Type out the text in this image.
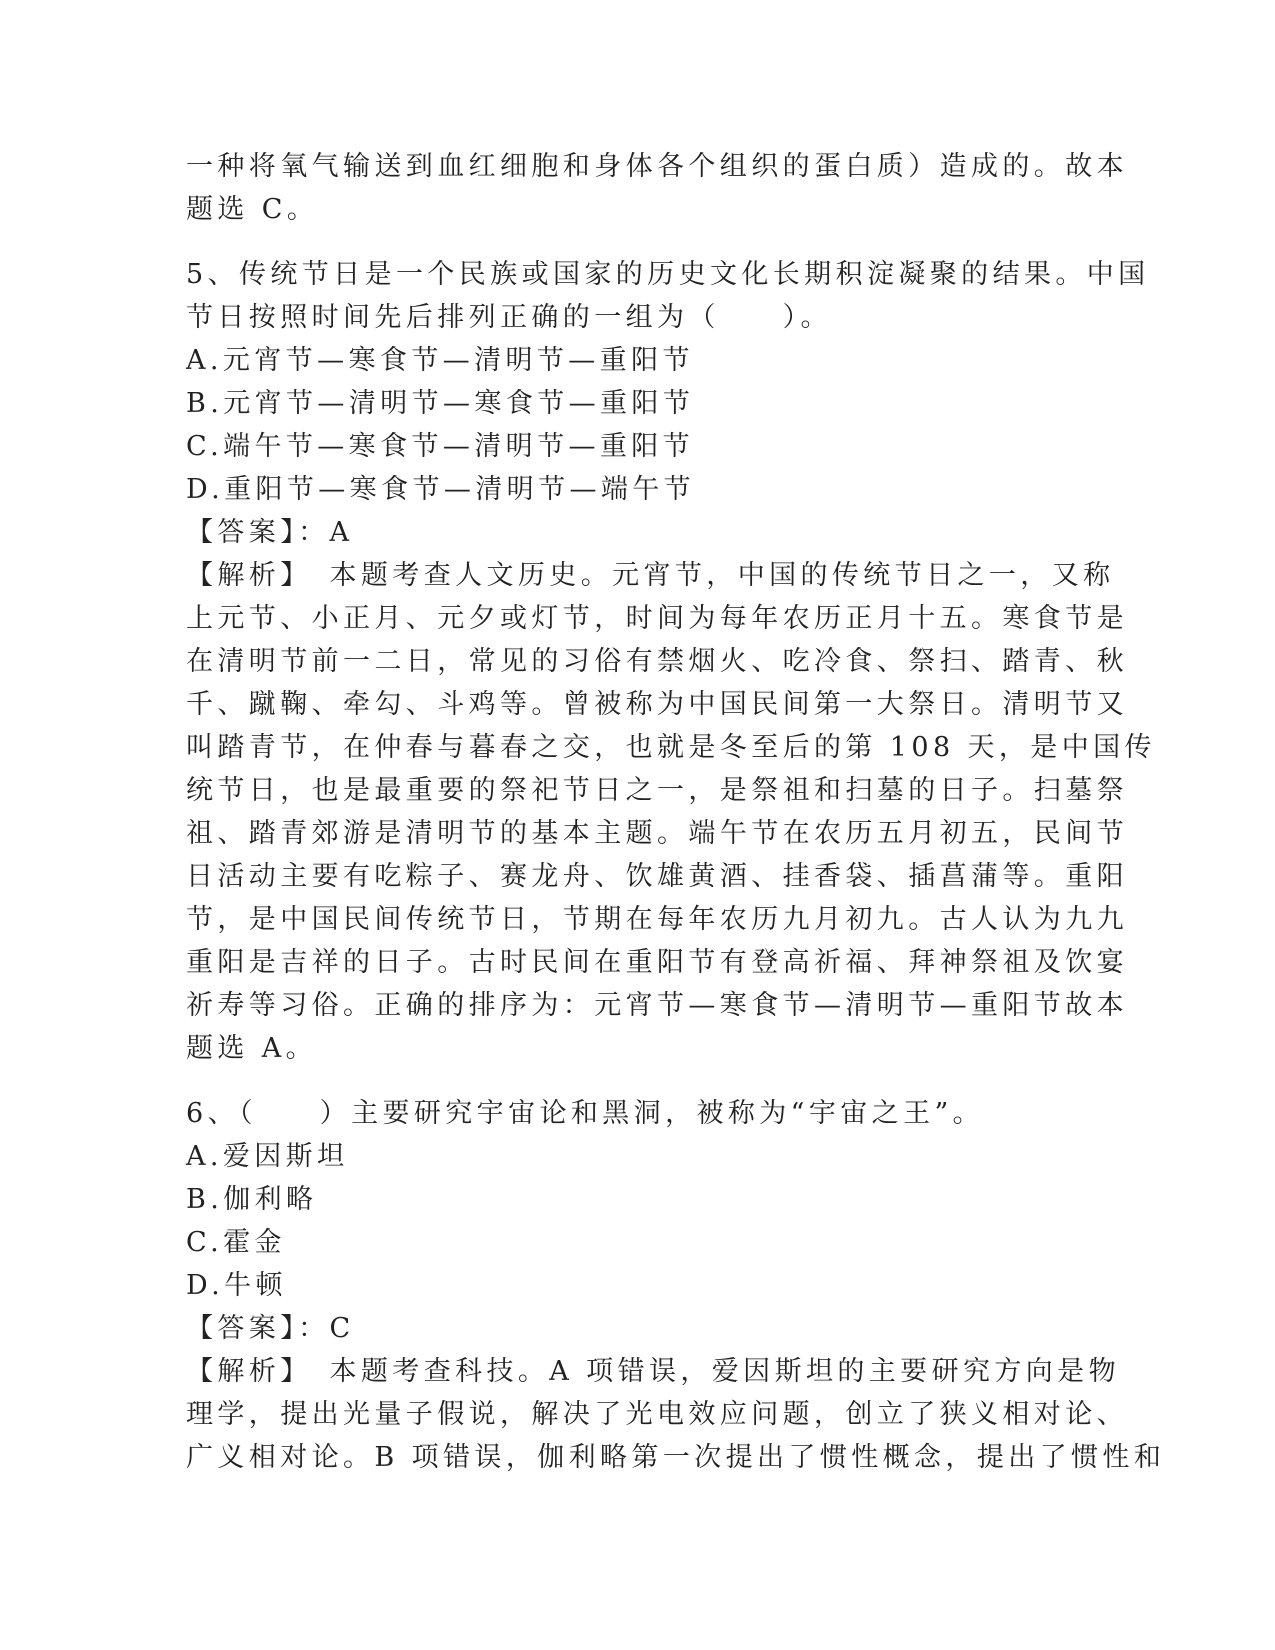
一种将氧气输送到血红细胞和身体各个组织的蛋白质）造成的。故本

题选 C。

5、传统节日是一个民族或国家的历史文化长期积淀凝聚的结果。中国

节日按照时间先后排列正确的一组为（　　）。

A.元宵节—寒食节—清明节—重阳节

B.元宵节—清明节—寒食节—重阳节

C.端午节—寒食节—清明节—重阳节

D.重阳节—寒食节—清明节—端午节

【答案】：A

【解析】　本题考查人文历史。元宵节，中国的传统节日之一，又称

上元节、小正月、元夕或灯节，时间为每年农历正月十五。寒食节是

在清明节前一二日，常见的习俗有禁烟火、吃冷食、祭扫、踏青、秋

千、蹴鞠、牵勾、斗鸡等。曾被称为中国民间第一大祭日。清明节又

叫踏青节，在仲春与暮春之交，也就是冬至后的第 108 天，是中国传

统节日，也是最重要的祭祀节日之一，是祭祖和扫墓的日子。扫墓祭

祖、踏青郊游是清明节的基本主题。端午节在农历五月初五，民间节

日活动主要有吃粽子、赛龙舟、饮雄黄酒、挂香袋、插菖蒲等。重阳

节，是中国民间传统节日，节期在每年农历九月初九。古人认为九九

重阳是吉祥的日子。古时民间在重阳节有登高祈福、拜神祭祖及饮宴

祈寿等习俗。正确的排序为：元宵节—寒食节—清明节—重阳节故本

题选 A。

6、（　　）主要研究宇宙论和黑洞，被称为“宇宙之王”。

A.爱因斯坦

B.伽利略

C.霍金

D.牛顿

【答案】：C

【解析】　本题考查科技。A 项错误，爱因斯坦的主要研究方向是物

理学，提出光量子假说，解决了光电效应问题，创立了狭义相对论、

广义相对论。B 项错误，伽利略第一次提出了惯性概念，提出了惯性和
